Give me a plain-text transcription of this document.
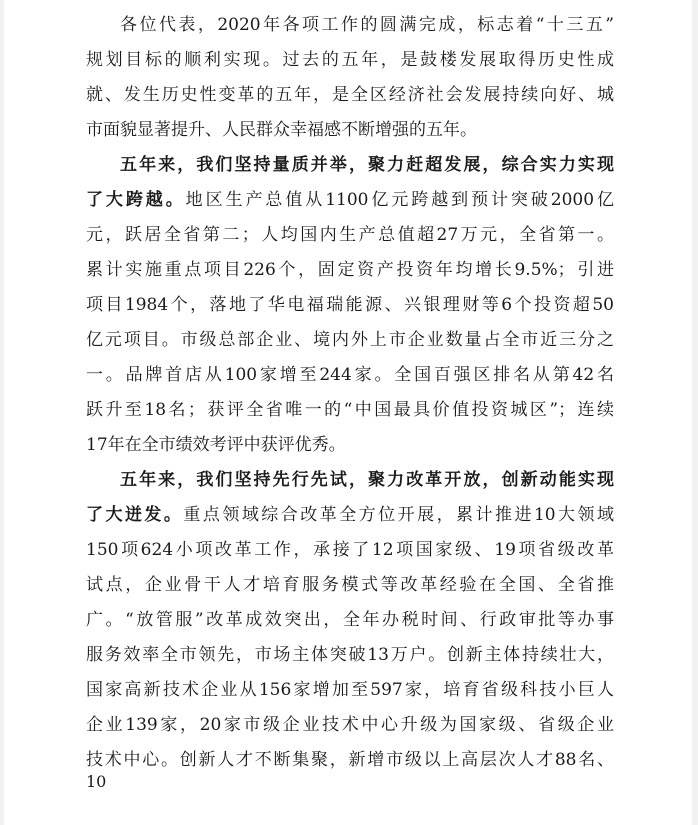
各位代表，2020年各项工作的圆满完成，标志着“十三五”
规划目标的顺利实现。过去的五年，是鼓楼发展取得历史性成
就、发生历史性变革的五年，是全区经济社会发展持续向好、城
市面貌显著提升、人民群众幸福感不断增强的五年。
五年来，我们坚持量质并举，聚力赶超发展，综合实力实现
了大跨越。地区生产总值从1100亿元跨越到预计突破2000亿
元，跃居全省第二；人均国内生产总值超27万元，全省第一。
累计实施重点项目226个，固定资产投资年均增长9.5%；引进
项目1984个，落地了华电福瑞能源、兴银理财等6个投资超50
亿元项目。市级总部企业、境内外上市企业数量占全市近三分之
一。品牌首店从100家增至244家。全国百强区排名从第42名
跃升至18名；获评全省唯一的“中国最具价值投资城区”；连续
17年在全市绩效考评中获评优秀。
五年来，我们坚持先行先试，聚力改革开放，创新动能实现
了大迸发。重点领域综合改革全方位开展，累计推进10大领域
150项624小项改革工作，承接了12项国家级、19项省级改革
试点，企业骨干人才培育服务模式等改革经验在全国、全省推
广。“放管服”改革成效突出，全年办税时间、行政审批等办事
服务效率全市领先，市场主体突破13万户。创新主体持续壮大，
国家高新技术企业从156家增加至597家，培育省级科技小巨人
企业139家，20家市级企业技术中心升级为国家级、省级企业
技术中心。创新人才不断集聚，新增市级以上高层次人才88名、
10
